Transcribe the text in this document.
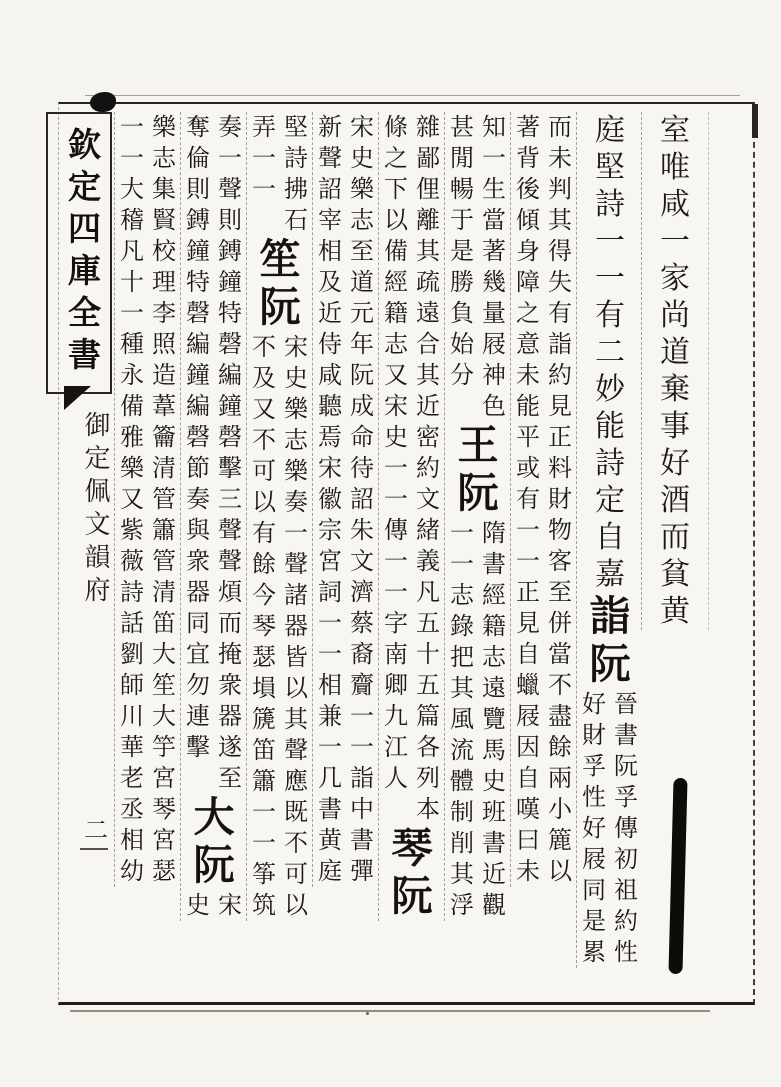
室
唯
咸
一
家
尚
道
棄
事
好
酒
而
貧
黄
庭
堅
詩
一
一
有
二
妙
能
詩
定
自
嘉
詣
阮
晉
書
阮
孚
傳
初
祖
約
性
好
財
孚
性
好
屐
同
是
累
而
未
判
其
得
失
有
詣
約
見
正
料
財
物
客
至
併
當
不
盡
餘
兩
小
簏
以
著
背
後
傾
身
障
之
意
未
能
平
或
有
一
一
正
見
自
蠟
屐
因
自
嘆
曰
未
知
一
生
當
著
幾
量
屐
神
色
甚
閒
暢
于
是
勝
負
始
分
王
阮
隋
書
經
籍
志
遠
覽
馬
史
班
書
近
觀
一
一
志
錄
把
其
風
流
體
制
削
其
浮
雜
鄙
俚
離
其
疏
遠
合
其
近
密
約
文
緒
義
凡
五
十
五
篇
各
列
本
條
之
下
以
備
經
籍
志
又
宋
史
一
一
傳
一
一
字
南
卿
九
江
人
琴
阮
宋
史
樂
志
至
道
元
年
阮
成
命
待
詔
朱
文
濟
蔡
裔
齎
一
一
詣
中
書
彈
新
聲
詔
宰
相
及
近
侍
咸
聽
焉
宋
徽
宗
宮
詞
一
一
相
兼
一
几
書
黄
庭
堅
詩
拂
石
弄
一
一
笙
阮
宋
史
樂
志
樂
奏
一
聲
諸
器
皆
以
其
聲
應
既
不
可
以
不
及
又
不
可
以
有
餘
今
琴
瑟
塤
篪
笛
簫
一
一
筝
筑
奏
一
聲
則
鎛
鐘
特
磬
編
鐘
磬
擊
三
聲
聲
煩
而
掩
衆
器
遂
至
奪
倫
則
鎛
鐘
特
磬
編
鐘
編
磬
節
奏
與
衆
器
同
宜
勿
連
擊
大
阮
宋
史
樂
志
集
賢
校
理
李
照
造
葦
籥
清
管
簫
管
清
笛
大
笙
大
竽
宮
琴
宮
瑟
一
一
大
稽
凡
十
一
種
永
備
雅
樂
又
紫
薇
詩
話
劉
師
川
華
老
丞
相
幼
欽定四庫全書
御定佩文韻府
二
